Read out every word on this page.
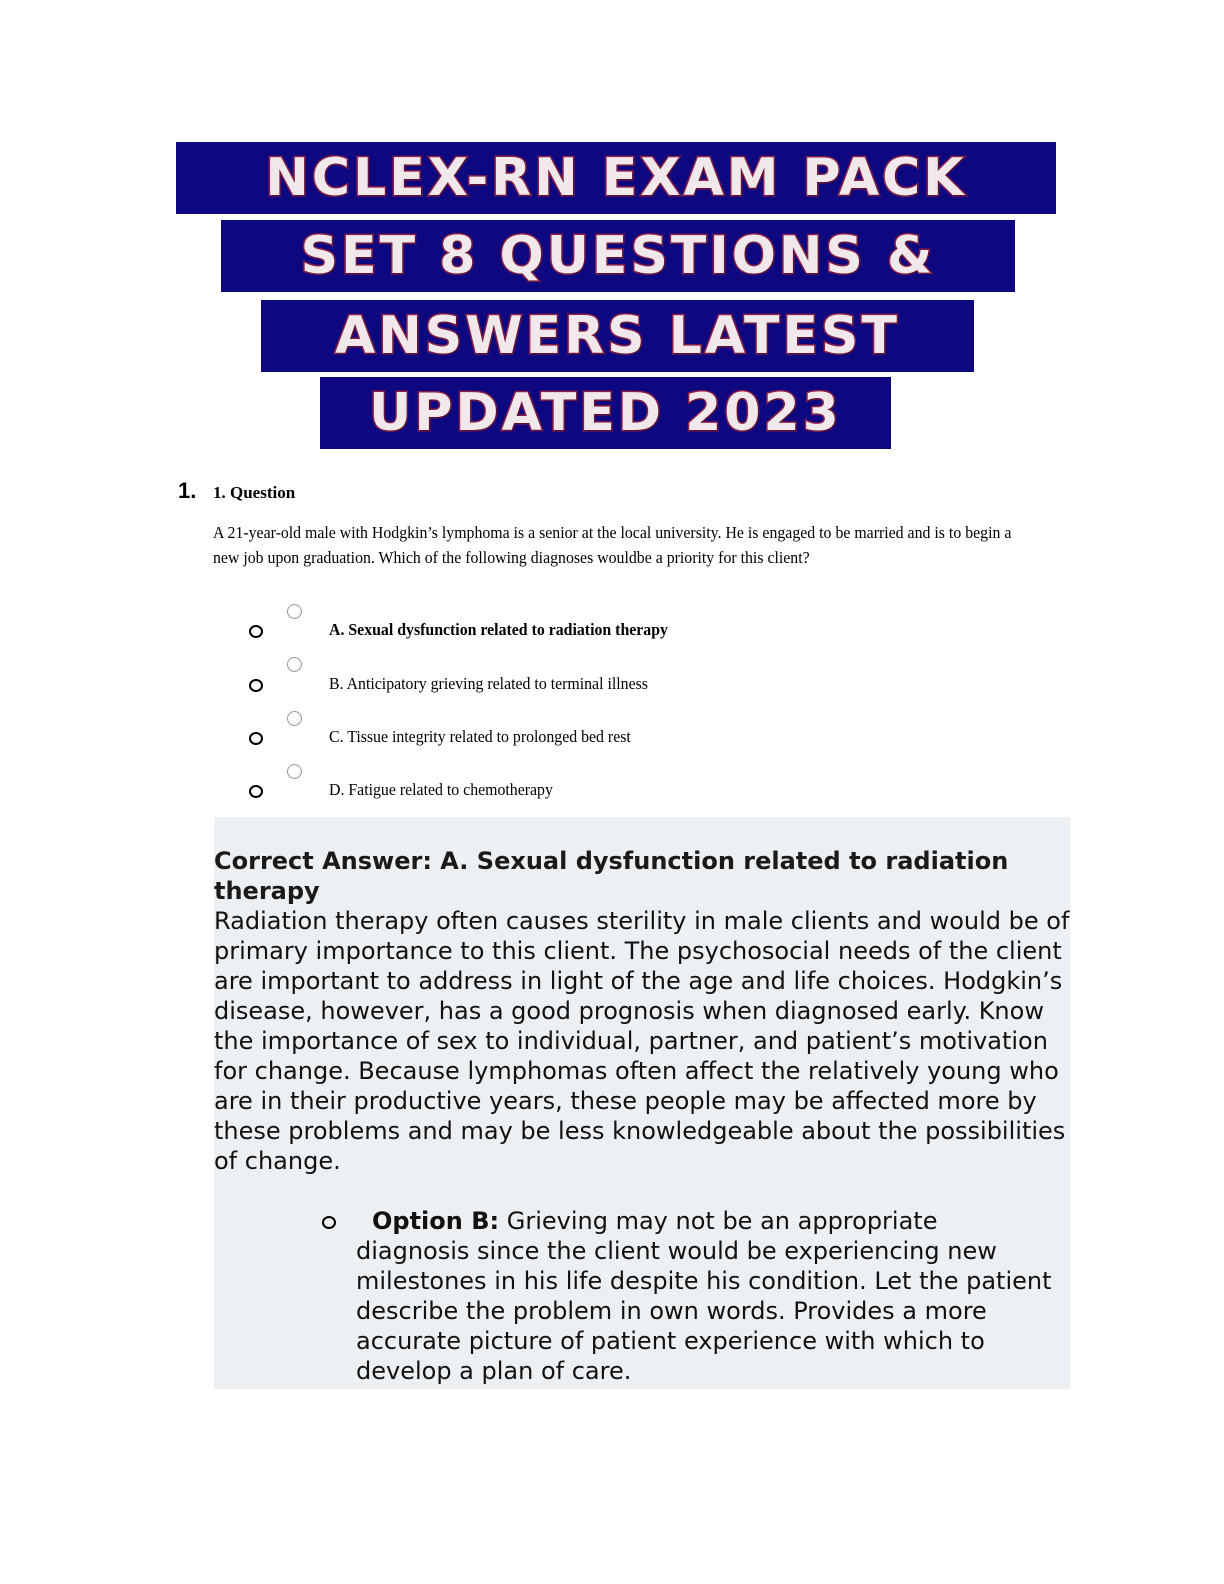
NCLEX-RN EXAM PACK
SET 8 QUESTIONS &
ANSWERS LATEST
UPDATED 2023
1. 1. Question
A 21-year-old male with Hodgkin’s lymphoma is a senior at the local university. He is engaged to be married and is to begin a new job upon graduation. Which of the following diagnoses wouldbe a priority for this client?
A. Sexual dysfunction related to radiation therapy
B. Anticipatory grieving related to terminal illness
C. Tissue integrity related to prolonged bed rest
D. Fatigue related to chemotherapy
Correct Answer: A. Sexual dysfunction related to radiation therapy
Radiation therapy often causes sterility in male clients and would be of primary importance to this client. The psychosocial needs of the client are important to address in light of the age and life choices. Hodgkin’s disease, however, has a good prognosis when diagnosed early. Know the importance of sex to individual, partner, and patient’s motivation for change. Because lymphomas often affect the relatively young who are in their productive years, these people may be affected more by these problems and may be less knowledgeable about the possibilities of change.
Option B: Grieving may not be an appropriate diagnosis since the client would be experiencing new milestones in his life despite his condition. Let the patient describe the problem in own words. Provides a more accurate picture of patient experience with which to develop a plan of care.
